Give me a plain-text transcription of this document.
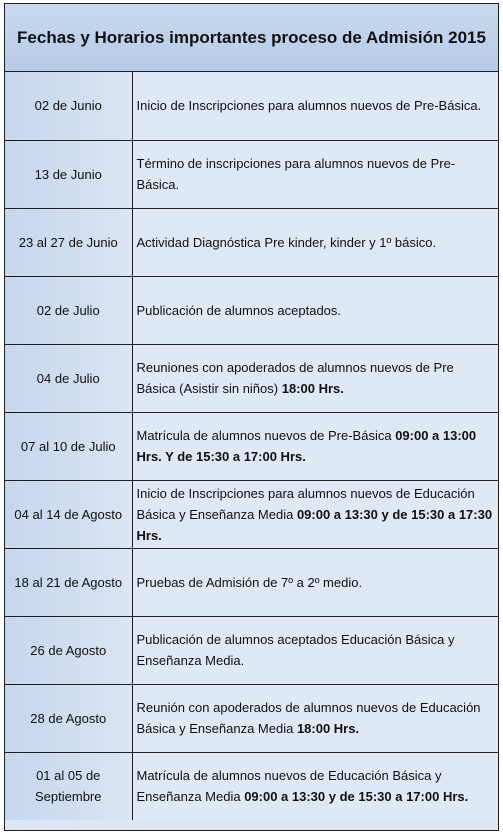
Fechas y Horarios importantes proceso de Admisión 2015
02 de Junio	Inicio de Inscripciones para alumnos nuevos de Pre-Básica.
13 de Junio	Término de inscripciones para alumnos nuevos de Pre-Básica.
23 al 27 de Junio	Actividad Diagnóstica Pre kinder, kinder y 1º básico.
02 de Julio	Publicación de alumnos aceptados.
04 de Julio	Reuniones con apoderados de alumnos nuevos de Pre Básica (Asistir sin niños) 18:00 Hrs.
07 al 10 de Julio	Matrícula de alumnos nuevos de Pre-Básica 09:00 a 13:00 Hrs. Y de 15:30 a 17:00 Hrs.
04 al 14 de Agosto	Inicio de Inscripciones para alumnos nuevos de Educación Básica y Enseñanza Media 09:00 a 13:30 y de 15:30 a 17:30 Hrs.
18 al 21 de Agosto	Pruebas de Admisión de 7º a 2º medio.
26 de Agosto	Publicación de alumnos aceptados Educación Básica y Enseñanza Media.
28 de Agosto	Reunión con apoderados de alumnos nuevos de Educación Básica y Enseñanza Media 18:00 Hrs.
01 al 05 de Septiembre	Matrícula de alumnos nuevos de Educación Básica y Enseñanza Media 09:00 a 13:30 y de 15:30 a 17:00 Hrs.
